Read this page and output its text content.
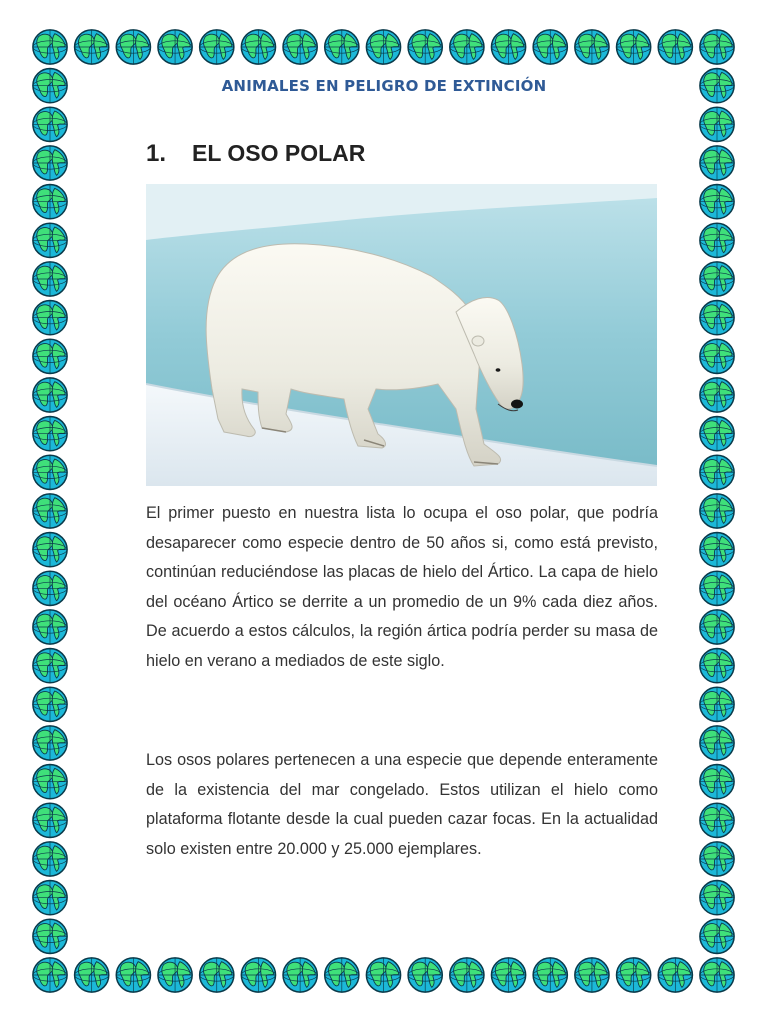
ANIMALES EN PELIGRO DE EXTINCIÓN
1. EL OSO POLAR

El primer puesto en nuestra lista lo ocupa el oso polar, que podría desaparecer como especie dentro de 50 años si, como está previsto, continúan reduciéndose las placas de hielo del Ártico. La capa de hielo del océano Ártico se derrite a un promedio de un 9% cada diez años. De acuerdo a estos cálculos, la región ártica podría perder su masa de hielo en verano a mediados de este siglo.

Los osos polares pertenecen a una especie que depende enteramente de la existencia del mar congelado. Estos utilizan el hielo como plataforma flotante desde la cual pueden cazar focas. En la actualidad solo existen entre 20.000 y 25.000 ejemplares.
